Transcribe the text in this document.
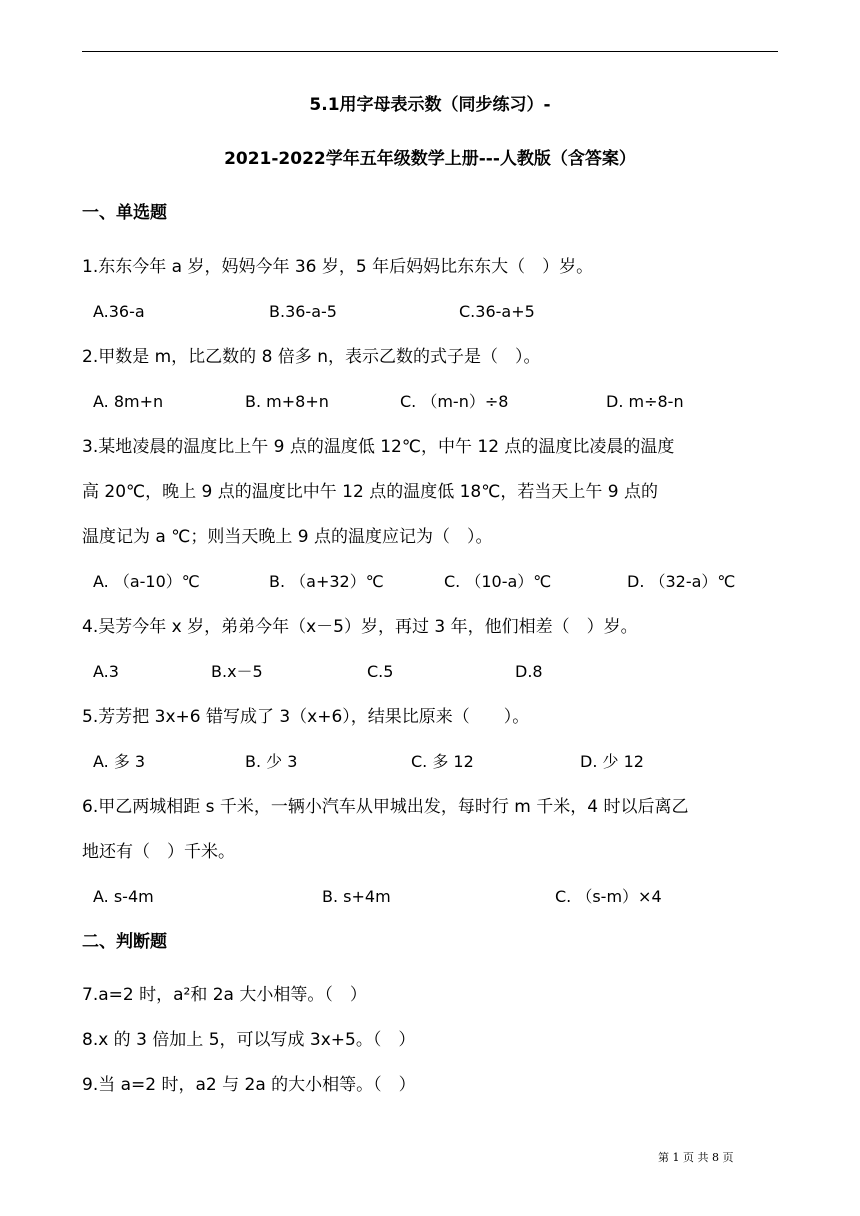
5.1用字母表示数（同步练习）-
2021-2022学年五年级数学上册---人教版（含答案）
一、单选题
1.东东今年 a 岁，妈妈今年 36 岁，5 年后妈妈比东东大（　）岁。
A.36-a	B.36-a-5	C.36-a+5
2.甲数是 m，比乙数的 8 倍多 n，表示乙数的式子是（　）。
A. 8m+n	B. m+8+n	C. （m-n）÷8	D. m÷8-n
3.某地凌晨的温度比上午 9 点的温度低 12℃，中午 12 点的温度比凌晨的温度
高 20℃，晚上 9 点的温度比中午 12 点的温度低 18℃，若当天上午 9 点的
温度记为 a ℃；则当天晚上 9 点的温度应记为（　）。
A. （a-10）℃	B. （a+32）℃	C. （10-a）℃	D. （32-a）℃
4.吴芳今年 x 岁，弟弟今年（x－5）岁，再过 3 年，他们相差（　）岁。
A.3	B.x－5	C.5	D.8
5.芳芳把 3x+6 错写成了 3（x+6），结果比原来（　　）。
A. 多 3	B. 少 3	C. 多 12	D. 少 12
6.甲乙两城相距 s 千米，一辆小汽车从甲城出发，每时行 m 千米，4 时以后离乙
地还有（　）千米。
A. s-4m	B. s+4m	C. （s-m）×4
二、判断题
7.a=2 时，a²和 2a 大小相等。（　）
8.x 的 3 倍加上 5，可以写成 3x+5。（　）
9.当 a=2 时，a2 与 2a 的大小相等。（　）
第 1 页 共 8 页
